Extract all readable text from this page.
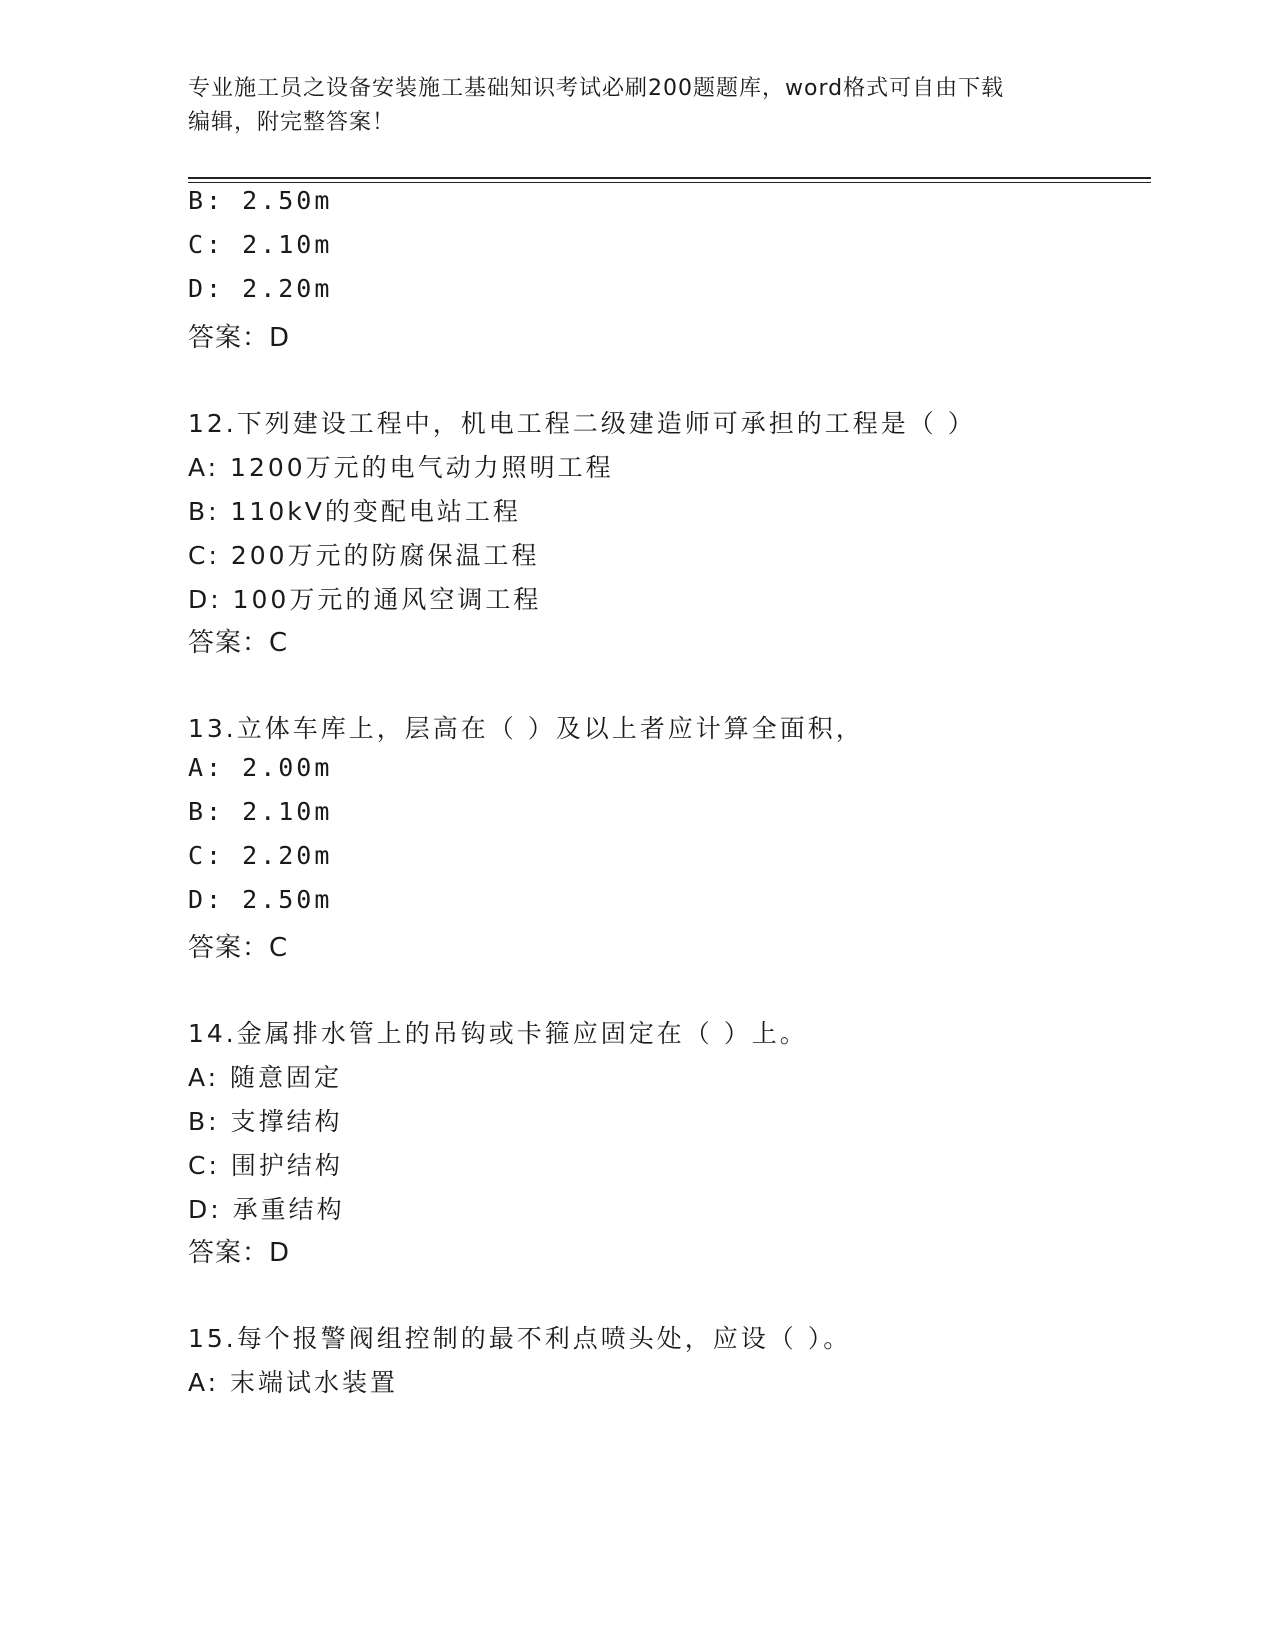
专业施工员之设备安装施工基础知识考试必刷200题题库，word格式可自由下载
编辑，附完整答案！
B: 2.50m
C: 2.10m
D: 2.20m
答案：D
12.下列建设工程中，机电工程二级建造师可承担的工程是（ ）
A: 1200万元的电气动力照明工程
B: 110kV的变配电站工程
C: 200万元的防腐保温工程
D: 100万元的通风空调工程
答案：C
13.立体车库上，层高在（ ）及以上者应计算全面积，
A: 2.00m
B: 2.10m
C: 2.20m
D: 2.50m
答案：C
14.金属排水管上的吊钩或卡箍应固定在（ ）上。
A: 随意固定
B: 支撑结构
C: 围护结构
D: 承重结构
答案：D
15.每个报警阀组控制的最不利点喷头处，应设（ ）。
A: 末端试水装置
